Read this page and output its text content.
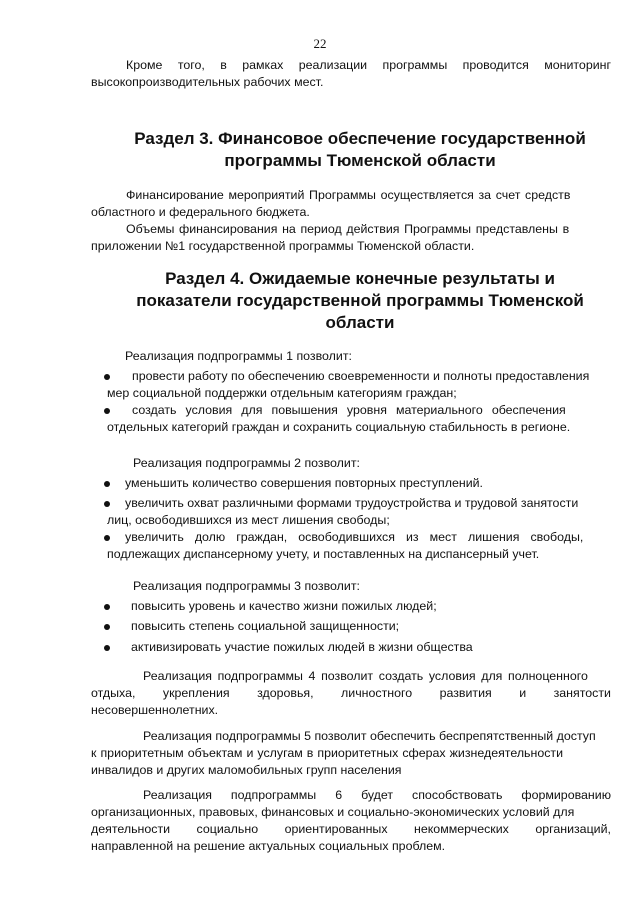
22
Кроме того, в рамках реализации программы проводится мониторинг
высокопроизводительных рабочих мест.
Раздел 3. Финансовое обеспечение государственной
программы Тюменской области
Финансирование мероприятий Программы осуществляется за счет средств
областного и федерального бюджета.
Объемы финансирования на период действия Программы представлены в
приложении №1 государственной программы Тюменской области.
Раздел 4. Ожидаемые конечные результаты и
показатели государственной программы Тюменской
области
Реализация подпрограммы 1 позволит:
провести работу по обеспечению своевременности и полноты предоставления
мер социальной поддержки отдельным категориям граждан;
создать условия для повышения уровня материального обеспечения
отдельных категорий граждан и сохранить социальную стабильность в регионе.
Реализация подпрограммы 2 позволит:
уменьшить количество совершения повторных преступлений.
увеличить охват различными формами трудоустройства и трудовой занятости
лиц, освободившихся из мест лишения свободы;
увеличить долю граждан, освободившихся из мест лишения свободы,
подлежащих диспансерному учету, и поставленных на диспансерный учет.
Реализация подпрограммы 3 позволит:
повысить уровень и качество жизни пожилых людей;
повысить степень социальной защищенности;
активизировать участие пожилых людей в жизни общества
Реализация подпрограммы 4 позволит создать условия для полноценного
отдыха, укрепления здоровья, личностного развития и занятости
несовершеннолетних.
Реализация подпрограммы 5 позволит обеспечить беспрепятственный доступ
к приоритетным объектам и услугам в приоритетных сферах жизнедеятельности
инвалидов и других маломобильных групп населения
Реализация подпрограммы 6 будет способствовать формированию
организационных, правовых, финансовых и социально-экономических условий для
деятельности социально ориентированных некоммерческих организаций,
направленной на решение актуальных социальных проблем.
